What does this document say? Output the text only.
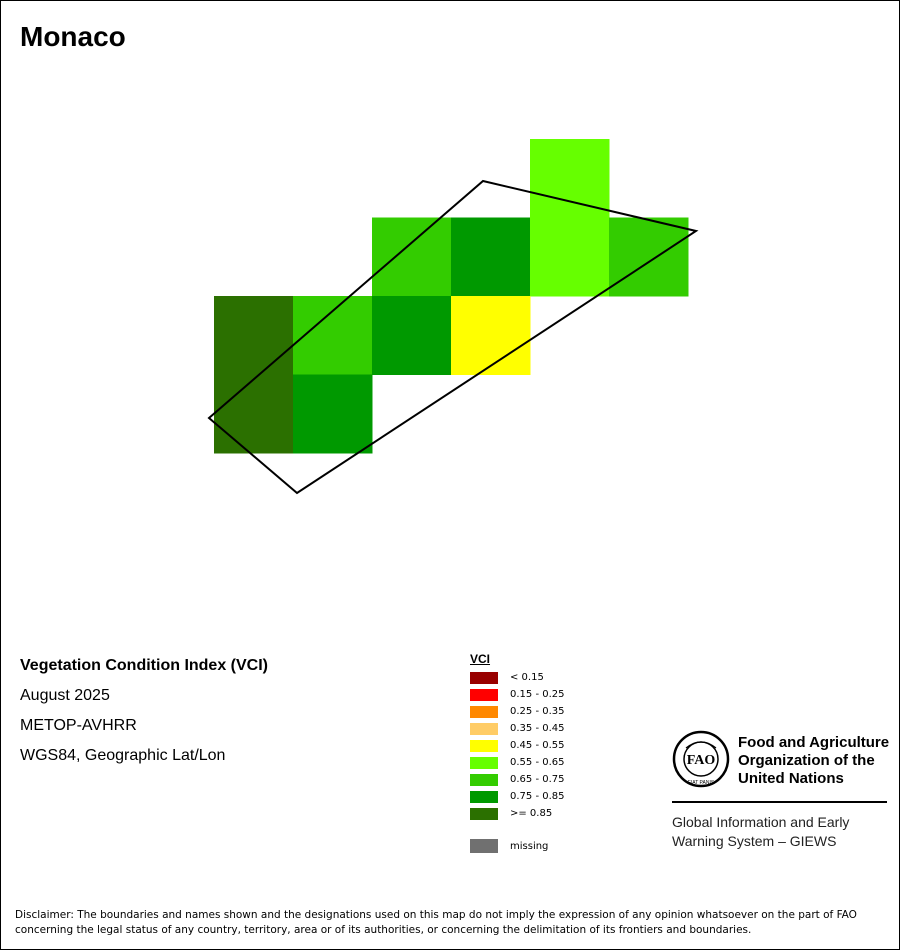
Monaco
Vegetation Condition Index (VCI)
August 2025
METOP-AVHRR
WGS84, Geographic Lat/Lon
VCI
< 0.15
0.15 - 0.25
0.25 - 0.35
0.35 - 0.45
0.45 - 0.55
0.55 - 0.65
0.65 - 0.75
0.75 - 0.85
>= 0.85
missing
FAO
FIAT PANIS
Food and Agriculture
Organization of the
United Nations
Global Information and Early
Warning System – GIEWS
Disclaimer: The boundaries and names shown and the designations used on this map do not imply the expression of any opinion whatsoever on the part of FAO concerning the legal status of any country, territory, area or of its authorities, or concerning the delimitation of its frontiers and boundaries.
